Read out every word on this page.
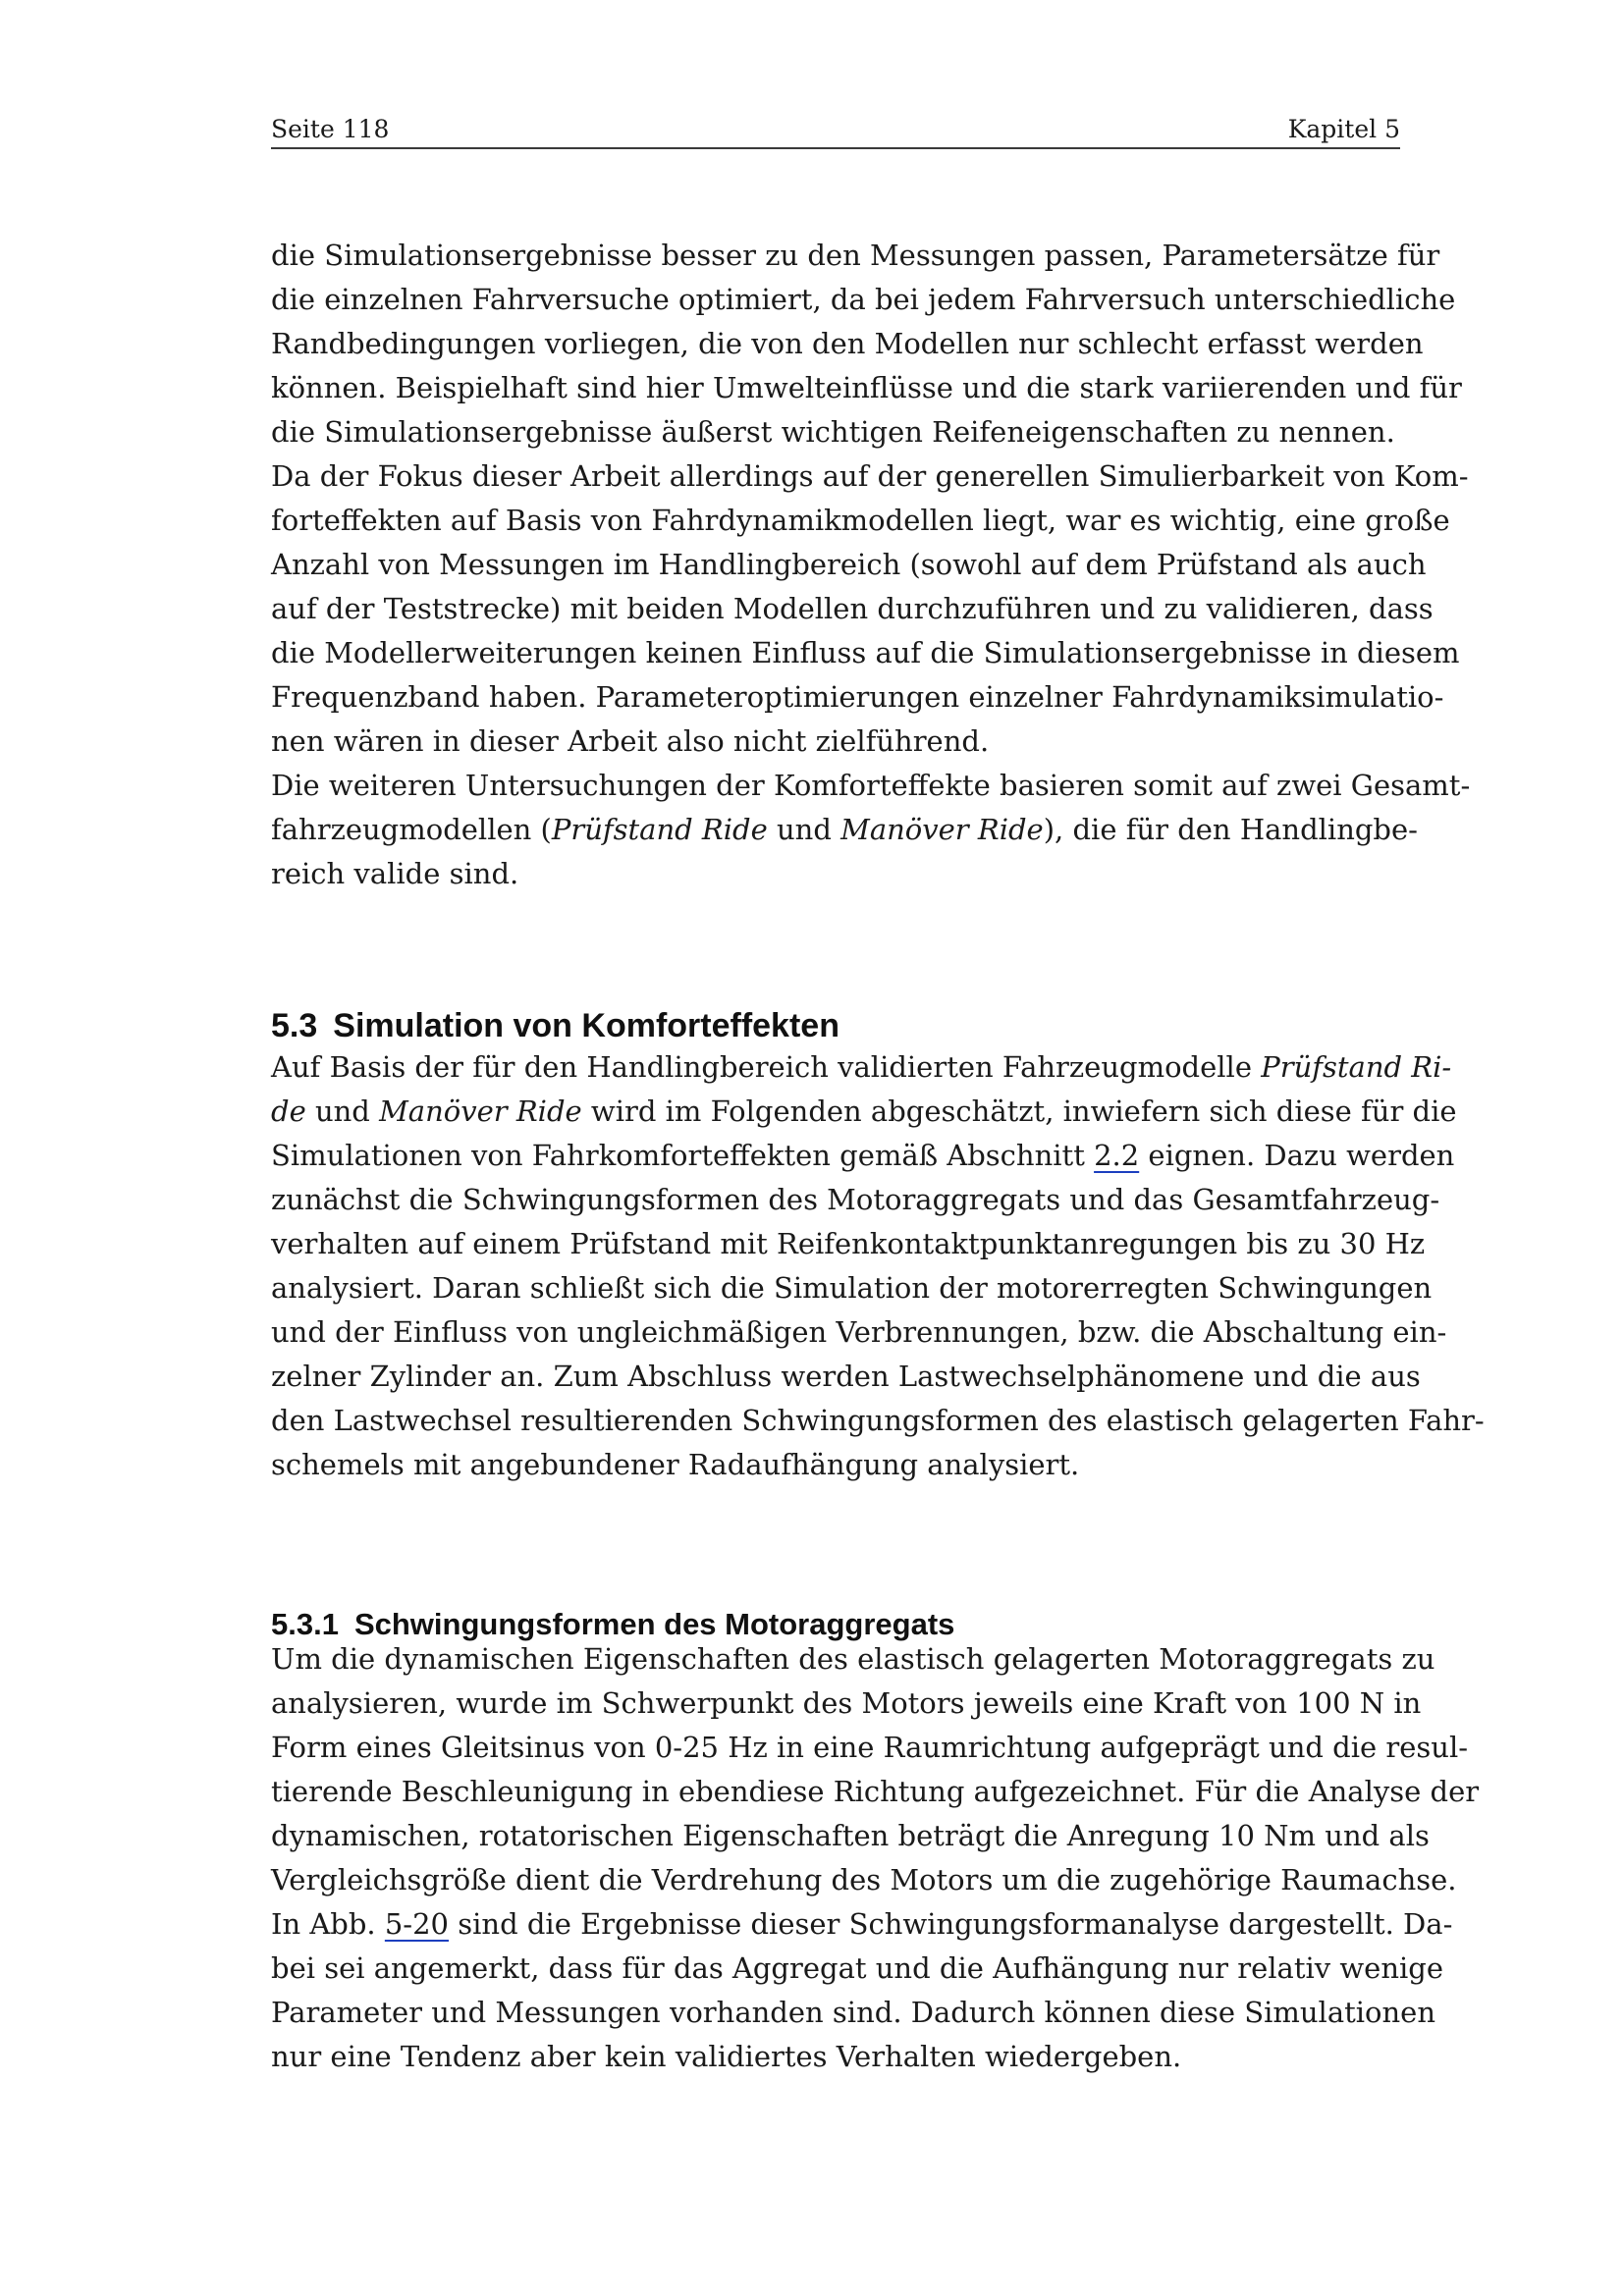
Seite 118	Kapitel 5
die Simulationsergebnisse besser zu den Messungen passen, Parametersätze für
die einzelnen Fahrversuche optimiert, da bei jedem Fahrversuch unterschiedliche
Randbedingungen vorliegen, die von den Modellen nur schlecht erfasst werden
können. Beispielhaft sind hier Umwelteinflüsse und die stark variierenden und für
die Simulationsergebnisse äußerst wichtigen Reifeneigenschaften zu nennen.
Da der Fokus dieser Arbeit allerdings auf der generellen Simulierbarkeit von Kom-
forteffekten auf Basis von Fahrdynamikmodellen liegt, war es wichtig, eine große
Anzahl von Messungen im Handlingbereich (sowohl auf dem Prüfstand als auch
auf der Teststrecke) mit beiden Modellen durchzuführen und zu validieren, dass
die Modellerweiterungen keinen Einfluss auf die Simulationsergebnisse in diesem
Frequenzband haben. Parameteroptimierungen einzelner Fahrdynamiksimulatio-
nen wären in dieser Arbeit also nicht zielführend.
Die weiteren Untersuchungen der Komforteffekte basieren somit auf zwei Gesamt-
fahrzeugmodellen (Prüfstand Ride und Manöver Ride), die für den Handlingbe-
reich valide sind.
5.3 Simulation von Komforteffekten
Auf Basis der für den Handlingbereich validierten Fahrzeugmodelle Prüfstand Ri-
de und Manöver Ride wird im Folgenden abgeschätzt, inwiefern sich diese für die
Simulationen von Fahrkomforteffekten gemäß Abschnitt 2.2 eignen. Dazu werden
zunächst die Schwingungsformen des Motoraggregats und das Gesamtfahrzeug-
verhalten auf einem Prüfstand mit Reifenkontaktpunktanregungen bis zu 30 Hz
analysiert. Daran schließt sich die Simulation der motorerregten Schwingungen
und der Einfluss von ungleichmäßigen Verbrennungen, bzw. die Abschaltung ein-
zelner Zylinder an. Zum Abschluss werden Lastwechselphänomene und die aus
den Lastwechsel resultierenden Schwingungsformen des elastisch gelagerten Fahr-
schemels mit angebundener Radaufhängung analysiert.
5.3.1 Schwingungsformen des Motoraggregats
Um die dynamischen Eigenschaften des elastisch gelagerten Motoraggregats zu
analysieren, wurde im Schwerpunkt des Motors jeweils eine Kraft von 100 N in
Form eines Gleitsinus von 0-25 Hz in eine Raumrichtung aufgeprägt und die resul-
tierende Beschleunigung in ebendiese Richtung aufgezeichnet. Für die Analyse der
dynamischen, rotatorischen Eigenschaften beträgt die Anregung 10 Nm und als
Vergleichsgröße dient die Verdrehung des Motors um die zugehörige Raumachse.
In Abb. 5-20 sind die Ergebnisse dieser Schwingungsformanalyse dargestellt. Da-
bei sei angemerkt, dass für das Aggregat und die Aufhängung nur relativ wenige
Parameter und Messungen vorhanden sind. Dadurch können diese Simulationen
nur eine Tendenz aber kein validiertes Verhalten wiedergeben.
